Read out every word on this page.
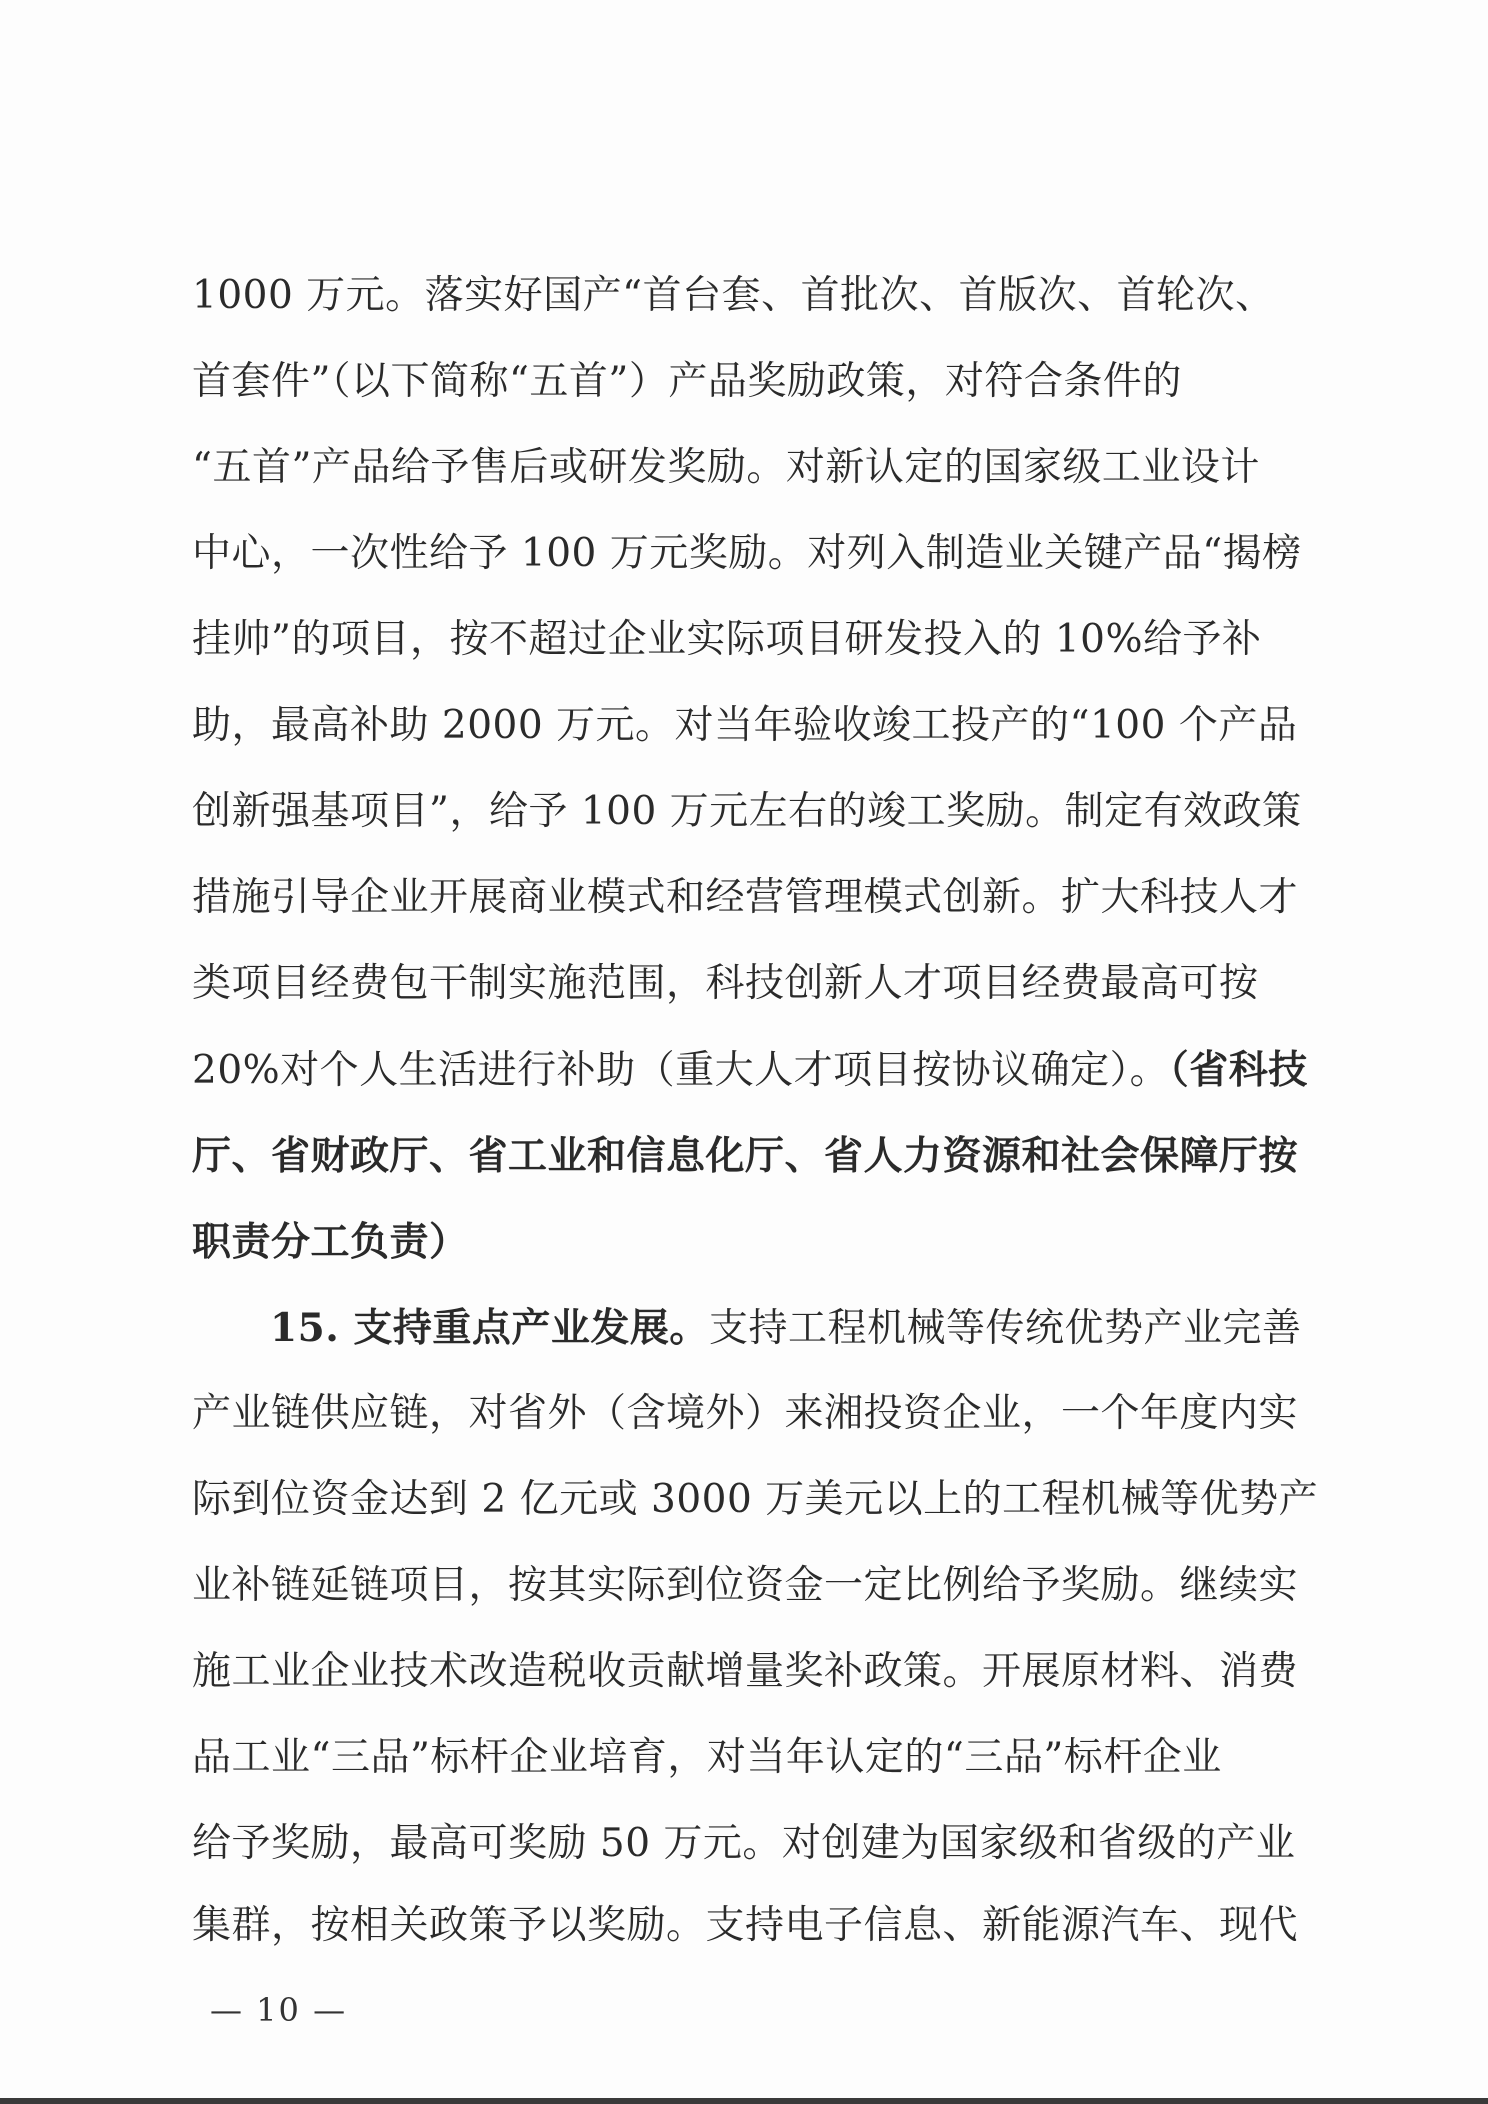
1000 万元。落实好国产“首台套、首批次、首版次、首轮次、
首套件”（以下简称“五首”）产品奖励政策，对符合条件的
“五首”产品给予售后或研发奖励。对新认定的国家级工业设计
中心，一次性给予 100 万元奖励。对列入制造业关键产品“揭榜
挂帅”的项目，按不超过企业实际项目研发投入的 10%给予补
助，最高补助 2000 万元。对当年验收竣工投产的“100 个产品
创新强基项目”，给予 100 万元左右的竣工奖励。制定有效政策
措施引导企业开展商业模式和经营管理模式创新。扩大科技人才
类项目经费包干制实施范围，科技创新人才项目经费最高可按
20%对个人生活进行补助（重大人才项目按协议确定）。（省科技
厅、省财政厅、省工业和信息化厅、省人力资源和社会保障厅按
职责分工负责）
15. 支持重点产业发展。支持工程机械等传统优势产业完善
产业链供应链，对省外（含境外）来湘投资企业，一个年度内实
际到位资金达到 2 亿元或 3000 万美元以上的工程机械等优势产
业补链延链项目，按其实际到位资金一定比例给予奖励。继续实
施工业企业技术改造税收贡献增量奖补政策。开展原材料、消费
品工业“三品”标杆企业培育，对当年认定的“三品”标杆企业
给予奖励，最高可奖励 50 万元。对创建为国家级和省级的产业
集群，按相关政策予以奖励。支持电子信息、新能源汽车、现代
— 10 —
